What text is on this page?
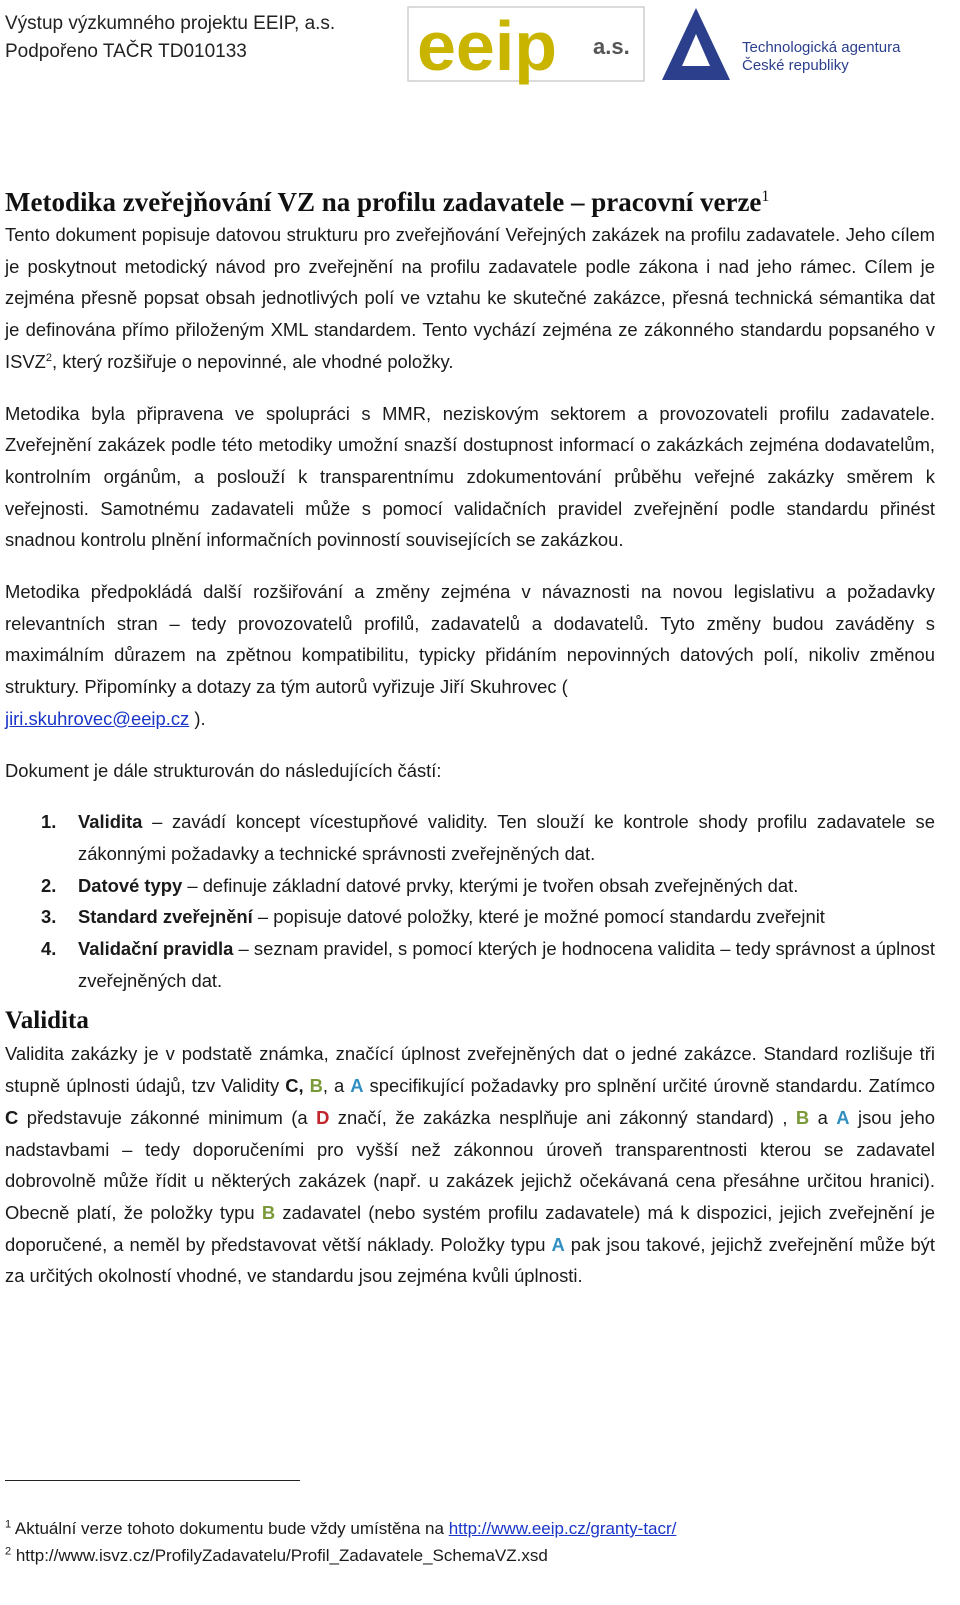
Výstup výzkumného projektu EEIP, a.s.
Podpořeno TAČR TD010133	eeip a.s.	Technologická agentura
České republiky
Metodika zveřejňování VZ na profilu zadavatele – pracovní verze$^1$

Tento dokument popisuje datovou strukturu pro zveřejňování Veřejných zakázek na profilu zadavatele. Jeho cílem je poskytnout metodický návod pro zveřejnění na profilu zadavatele podle zákona i nad jeho rámec. Cílem je zejména přesně popsat obsah jednotlivých polí ve vztahu ke skutečné zakázce, přesná technická sémantika dat je definována přímo přiloženým XML standardem. Tento vychází zejména ze zákonného standardu popsaného v ISVZ$^2$, který rozšiřuje o nepovinné, ale vhodné položky.

Metodika byla připravena ve spolupráci s MMR, neziskovým sektorem a provozovateli profilu zadavatele. Zveřejnění zakázek podle této metodiky umožní snazší dostupnost informací o zakázkách zejména dodavatelům, kontrolním orgánům, a poslouží k transparentnímu zdokumentování průběhu veřejné zakázky směrem k veřejnosti. Samotnému zadavateli může s pomocí validačních pravidel zveřejnění podle standardu přinést snadnou kontrolu plnění informačních povinností souvisejících se zakázkou.

Metodika předpokládá další rozšiřování a změny zejména v návaznosti na novou legislativu a požadavky relevantních stran – tedy provozovatelů profilů, zadavatelů a dodavatelů. Tyto změny budou zaváděny s maximálním důrazem na zpětnou kompatibilitu, typicky přidáním nepovinných datových polí, nikoliv změnou struktury. Připomínky a dotazy za tým autorů vyřizuje Jiří Skuhrovec (
jiri.skuhrovec@eeip.cz ).

Dokument je dále strukturován do následujících částí:

1. Validita – zavádí koncept vícestupňové validity. Ten slouží ke kontrole shody profilu zadavatele se zákonnými požadavky a technické správnosti zveřejněných dat.
2. Datové typy – definuje základní datové prvky, kterými je tvořen obsah zveřejněných dat.
3. Standard zveřejnění – popisuje datové položky, které je možné pomocí standardu zveřejnit
4. Validační pravidla – seznam pravidel, s pomocí kterých je hodnocena validita – tedy správnost a úplnost zveřejněných dat.
Validita

Validita zakázky je v podstatě známka, značící úplnost zveřejněných dat o jedné zakázce. Standard rozlišuje tři stupně úplnosti údajů, tzv Validity C, B, a A specifikující požadavky pro splnění určité úrovně standardu. Zatímco C představuje zákonné minimum (a D značí, že zakázka nesplňuje ani zákonný standard) , B a A jsou jeho nadstavbami – tedy doporučeními pro vyšší než zákonnou úroveň transparentnosti kterou se zadavatel dobrovolně může řídit u některých zakázek (např. u zakázek jejichž očekávaná cena přesáhne určitou hranici). Obecně platí, že položky typu B zadavatel (nebo systém profilu zadavatele) má k dispozici, jejich zveřejnění je doporučené, a neměl by představovat větší náklady. Položky typu A pak jsou takové, jejichž zveřejnění může být za určitých okolností vhodné, ve standardu jsou zejména kvůli úplnosti.

$^1$ Aktuální verze tohoto dokumentu bude vždy umístěna na http://www.eeip.cz/granty-tacr/
$^2$ http://www.isvz.cz/ProfilyZadavatelu/Profil_Zadavatele_SchemaVZ.xsd
